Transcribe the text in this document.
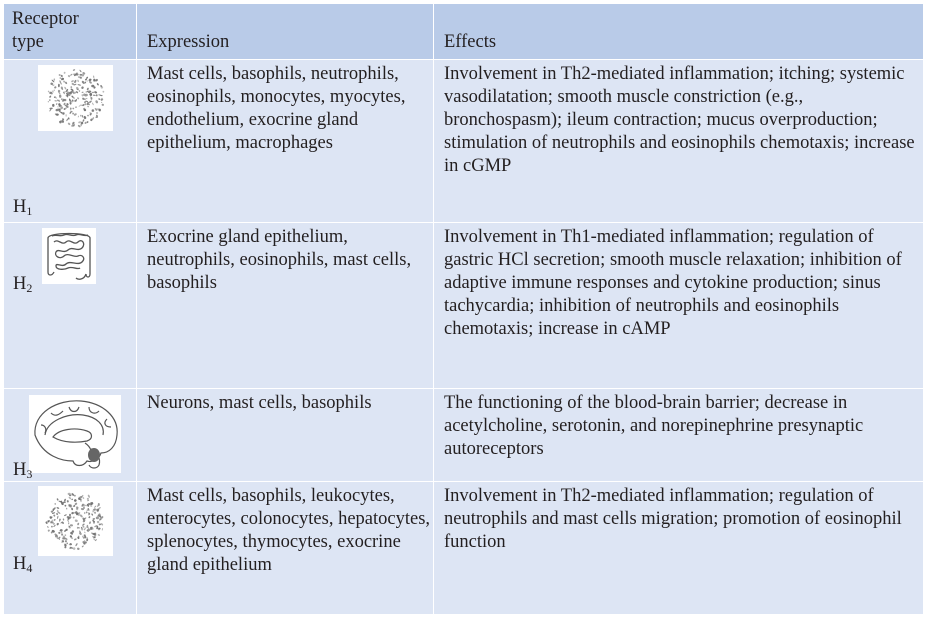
Receptor
type	Expression	Effects

$H_1$	Mast cells, basophils, neutrophils, eosinophils, monocytes, myocytes, endothelium, exocrine gland epithelium, macrophages	Involvement in Th2-mediated inflammation; itching; systemic vasodilatation; smooth muscle constriction (e.g., bronchospasm); ileum contraction; mucus overproduction; stimulation of neutrophils and eosinophils chemotaxis; increase in cGMP

$H_2$	Exocrine gland epithelium, neutrophils, eosinophils, mast cells, basophils	Involvement in Th1-mediated inflammation; regulation of gastric HCl secretion; smooth muscle relaxation; inhibition of adaptive immune responses and cytokine production; sinus tachycardia; inhibition of neutrophils and eosinophils chemotaxis; increase in cAMP

$H_3$	Neurons, mast cells, basophils	The functioning of the blood-brain barrier; decrease in acetylcholine, serotonin, and norepinephrine presynaptic autoreceptors

$H_4$	Mast cells, basophils, leukocytes, enterocytes, colonocytes, hepatocytes, splenocytes, thymocytes, exocrine gland epithelium	Involvement in Th2-mediated inflammation; regulation of neutrophils and mast cells migration; promotion of eosinophil function
